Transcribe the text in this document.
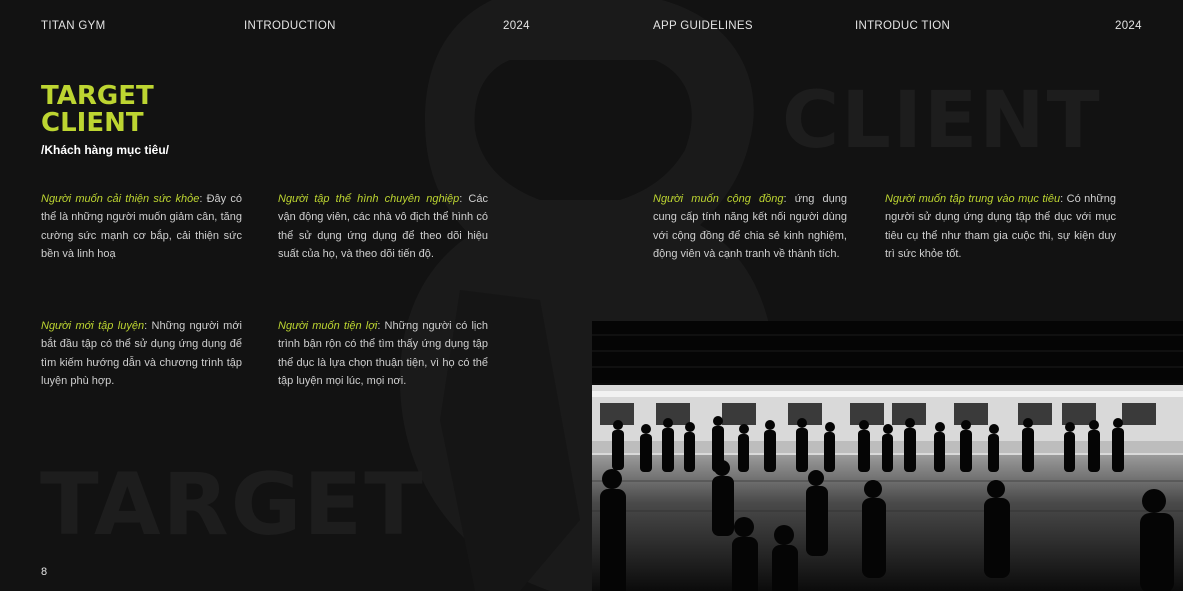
CLIENT
TARGET
TITAN GYM	INTRODUCTION	2024	APP GUIDELINES	INTRODUC TION	2024
TARGET
CLIENT
/Khách hàng mục tiêu/
Người muốn cải thiện sức khỏe: Đây có thể là những người muốn giảm cân, tăng cường sức mạnh cơ bắp, cải thiện sức bền và linh hoạ
Người tập thể hình chuyên nghiệp: Các vận động viên, các nhà vô địch thể hình có thể sử dụng ứng dụng để theo dõi hiệu suất của họ, và theo dõi tiến độ.
Người muốn cộng đồng: ứng dụng cung cấp tính năng kết nối người dùng với cộng đồng để chia sẻ kinh nghiệm, động viên và cạnh tranh về thành tích.
Người muốn tập trung vào mục tiêu: Có những người sử dụng ứng dụng tập thể dục với mục tiêu cụ thể như tham gia cuộc thi, sự kiện duy trì sức khỏe tốt.
Người mới tập luyện: Những người mới bắt đầu tập có thể sử dụng ứng dụng để tìm kiếm hướng dẫn và chương trình tập luyện phù hợp.
Người muốn tiện lợi: Những người có lịch trình bận rộn có thể tìm thấy ứng dụng tập thể dục là lựa chọn thuận tiện, vì họ có thể tập luyện mọi lúc, mọi nơi.
8
